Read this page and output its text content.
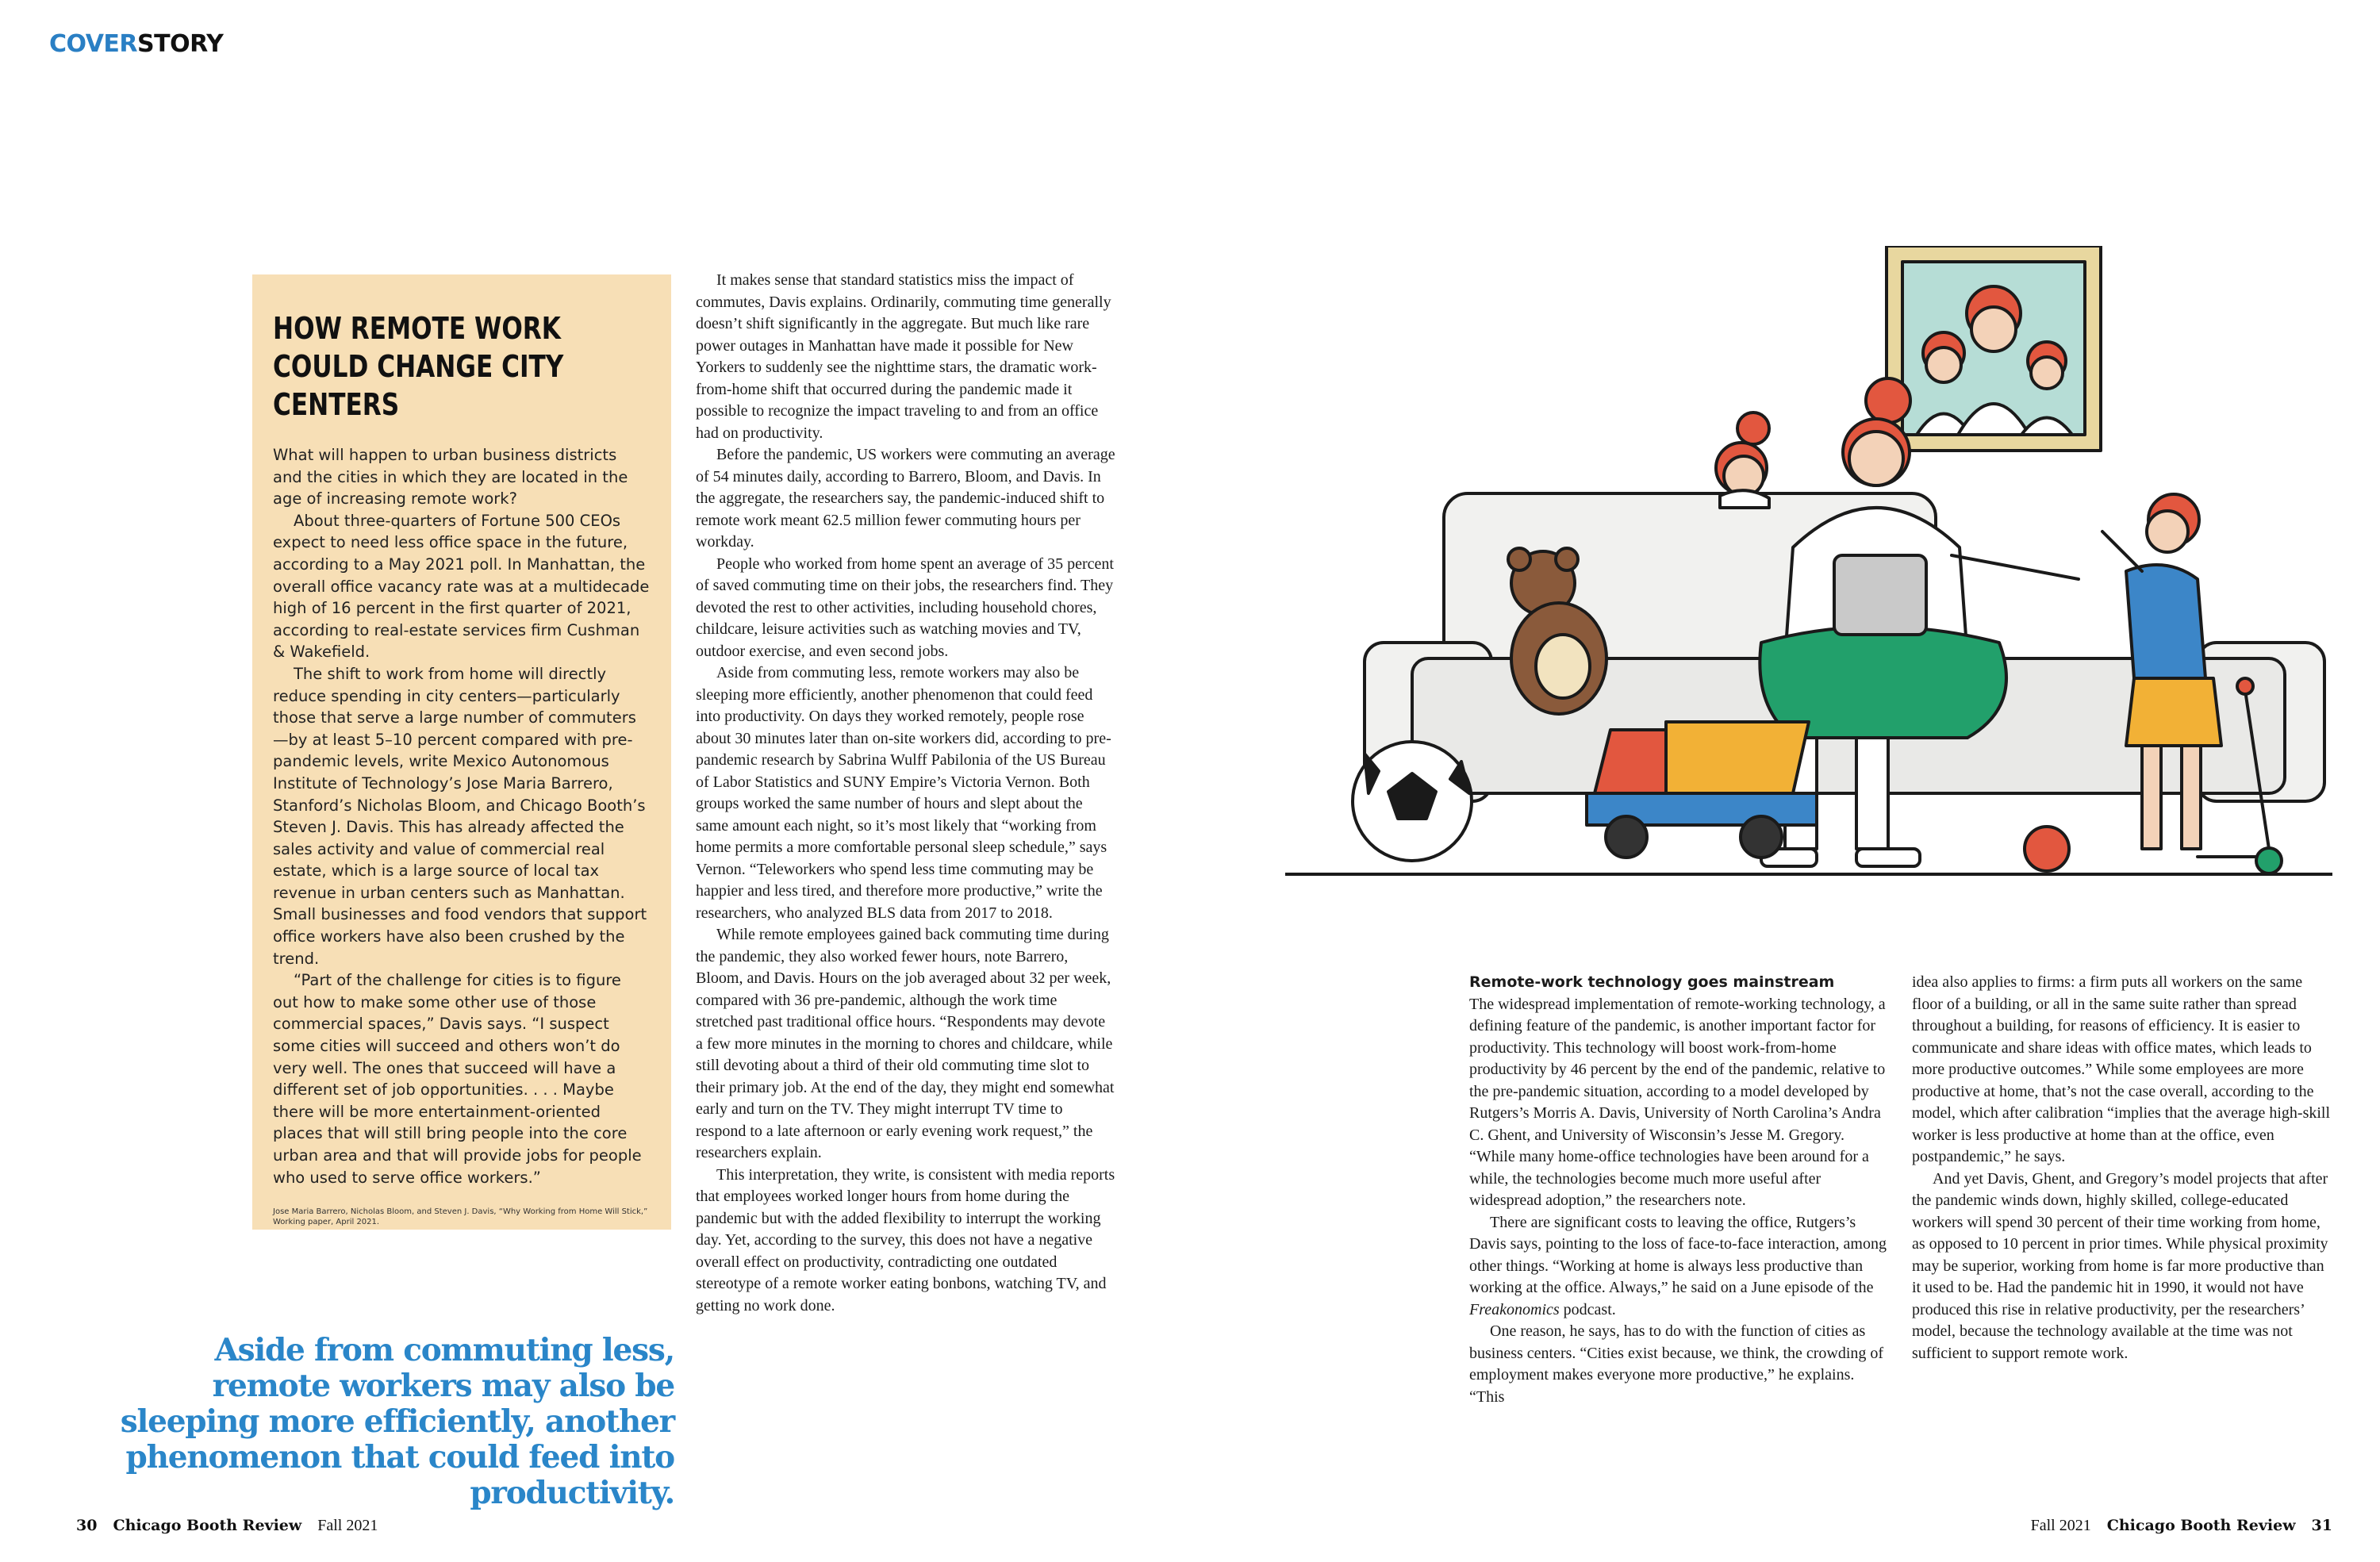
COVERSTORY
HOW REMOTE WORK COULD CHANGE CITY CENTERS

What will happen to urban business districts and the cities in which they are located in the age of increasing remote work?

About three-quarters of Fortune 500 CEOs expect to need less office space in the future, according to a May 2021 poll. In Manhattan, the overall office vacancy rate was at a multidecade high of 16 percent in the first quarter of 2021, according to real-estate services firm Cushman & Wakefield.

The shift to work from home will directly reduce spending in city centers—particularly those that serve a large number of commuters—by at least 5–10 percent compared with pre-pandemic levels, write Mexico Autonomous Institute of Technology’s Jose Maria Barrero, Stanford’s Nicholas Bloom, and Chicago Booth’s Steven J. Davis. This has already affected the sales activity and value of commercial real estate, which is a large source of local tax revenue in urban centers such as Manhattan. Small businesses and food vendors that support office workers have also been crushed by the trend.

“Part of the challenge for cities is to figure out how to make some other use of those commercial spaces,” Davis says. “I suspect some cities will succeed and others won’t do very well. The ones that succeed will have a different set of job opportunities. . . . Maybe there will be more entertainment-oriented places that will still bring people into the core urban area and that will provide jobs for people who used to serve office workers.”

Jose Maria Barrero, Nicholas Bloom, and Steven J. Davis, “Why Working from Home Will Stick,” Working paper, April 2021.

It makes sense that standard statistics miss the impact of commutes, Davis explains. Ordinarily, commuting time generally doesn’t shift significantly in the aggregate. But much like rare power outages in Manhattan have made it possible for New Yorkers to suddenly see the nighttime stars, the dramatic work-from-home shift that occurred during the pandemic made it possible to recognize the impact traveling to and from an office had on productivity.

Before the pandemic, US workers were commuting an average of 54 minutes daily, according to Barrero, Bloom, and Davis. In the aggregate, the researchers say, the pandemic-induced shift to remote work meant 62.5 million fewer commuting hours per workday.

People who worked from home spent an average of 35 percent of saved commuting time on their jobs, the researchers find. They devoted the rest to other activities, including household chores, childcare, leisure activities such as watching movies and TV, outdoor exercise, and even second jobs.

Aside from commuting less, remote workers may also be sleeping more efficiently, another phenomenon that could feed into productivity. On days they worked remotely, people rose about 30 minutes later than on-site workers did, according to pre-pandemic research by Sabrina Wulff Pabilonia of the US Bureau of Labor Statistics and SUNY Empire’s Victoria Vernon. Both groups worked the same number of hours and slept about the same amount each night, so it’s most likely that “working from home permits a more comfortable personal sleep schedule,” says Vernon. “Teleworkers who spend less time commuting may be happier and less tired, and therefore more productive,” write the researchers, who analyzed BLS data from 2017 to 2018.

While remote employees gained back commuting time during the pandemic, they also worked fewer hours, note Barrero, Bloom, and Davis. Hours on the job averaged about 32 per week, compared with 36 pre-pandemic, although the work time stretched past traditional office hours. “Respondents may devote a few more minutes in the morning to chores and childcare, while still devoting about a third of their old commuting time slot to their primary job. At the end of the day, they might end somewhat early and turn on the TV. They might interrupt TV time to respond to a late afternoon or early evening work request,” the researchers explain.

This interpretation, they write, is consistent with media reports that employees worked longer hours from home during the pandemic but with the added flexibility to interrupt the working day. Yet, according to the survey, this does not have a negative overall effect on productivity, contradicting one outdated stereotype of a remote worker eating bonbons, watching TV, and getting no work done.

Aside from commuting less, remote workers may also be sleeping more efficiently, another phenomenon that could feed into productivity.
Remote-work technology goes mainstream

The widespread implementation of remote-working technology, a defining feature of the pandemic, is another important factor for productivity. This technology will boost work-from-home productivity by 46 percent by the end of the pandemic, relative to the pre-pandemic situation, according to a model developed by Rutgers’s Morris A. Davis, University of North Carolina’s Andra C. Ghent, and University of Wisconsin’s Jesse M. Gregory. “While many home-office technologies have been around for a while, the technologies become much more useful after widespread adoption,” the researchers note.

There are significant costs to leaving the office, Rutgers’s Davis says, pointing to the loss of face-to-face interaction, among other things. “Working at home is always less productive than working at the office. Always,” he said on a June episode of the Freakonomics podcast.

One reason, he says, has to do with the function of cities as business centers. “Cities exist because, we think, the crowding of employment makes everyone more productive,” he explains. “This

idea also applies to firms: a firm puts all workers on the same floor of a building, or all in the same suite rather than spread throughout a building, for reasons of efficiency. It is easier to communicate and share ideas with office mates, which leads to more productive outcomes.” While some employees are more productive at home, that’s not the case overall, according to the model, which after calibration “implies that the average high-skill worker is less productive at home than at the office, even postpandemic,” he says.

And yet Davis, Ghent, and Gregory’s model projects that after the pandemic winds down, highly skilled, college-educated workers will spend 30 percent of their time working from home, as opposed to 10 percent in prior times. While physical proximity may be superior, working from home is far more productive than it used to be. Had the pandemic hit in 1990, it would not have produced this rise in relative productivity, per the researchers’ model, because the technology available at the time was not sufficient to support remote work.

30 Chicago Booth Review Fall 2021	Fall 2021 Chicago Booth Review 31
